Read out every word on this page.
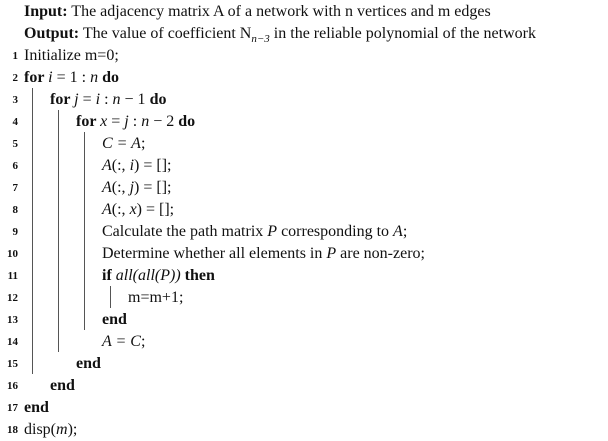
Input: The adjacency matrix A of a network with n vertices and m edges
Output: The value of coefficient $N_{n-3}$ in the reliable polynomial of the network
1 Initialize m=0;
2 for i = 1 : n do
3 for j = i : n − 1 do
4	for x = j : n − 2 do
5	C = A;
6	A(:, i) = [];
7	A(:, j) = [];
8	A(:, x) = [];
9	Calculate the path matrix P corresponding to A;
10	Determine whether all elements in P are non-zero;
11	if all(all(P)) then
12	m=m+1;
13	end
14	A = C;
15	end
16 end
17 end
18 disp(m);
